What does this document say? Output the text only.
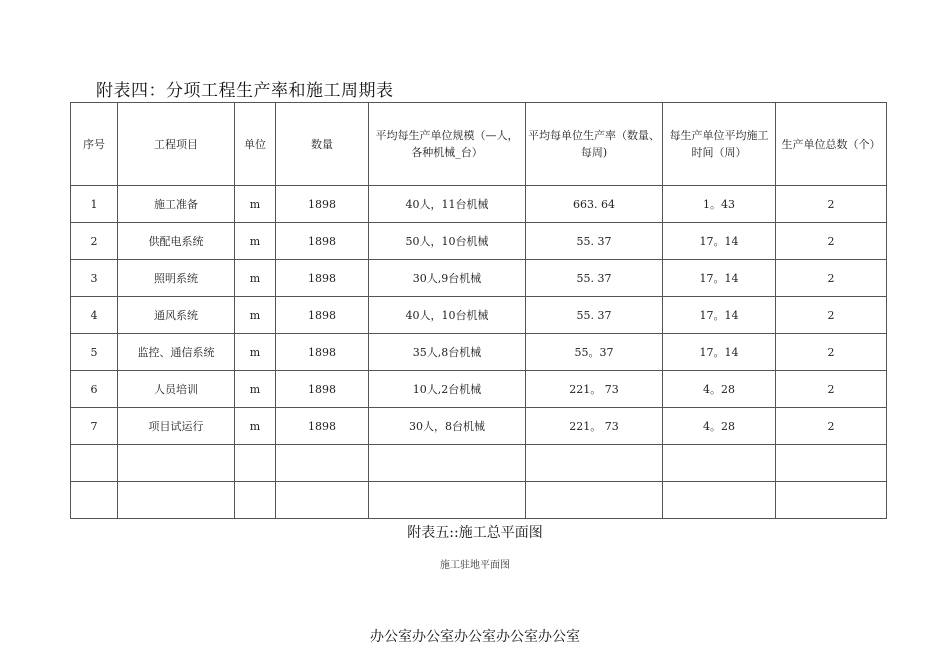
附表四：分项工程生产率和施工周期表
序号	工程项目	单位	数量	平均每生产单位规模（—人，各种机械_台）	平均每单位生产率（数量、每周)	每生产单位平均施工时间（周）	生产单位总数（个）
1	施工准备	m	1898	40人，11台机械	663. 64	1。43	2
2	供配电系统	m	1898	50人，10台机械	55. 37	17。14	2
3	照明系统	m	1898	30人,9台机械	55. 37	17。14	2
4	通风系统	m	1898	40人，10台机械	55. 37	17。14	2
5	监控、通信系统	m	1898	35人,8台机械	55。37	17。14	2
6	人员培训	m	1898	10人,2台机械	221。 73	4。28	2
7	项目试运行	m	1898	30人，8台机械	221。 73	4。28	2

附表五::施工总平面图
施工驻地平面图
办公室办公室办公室办公室办公室
